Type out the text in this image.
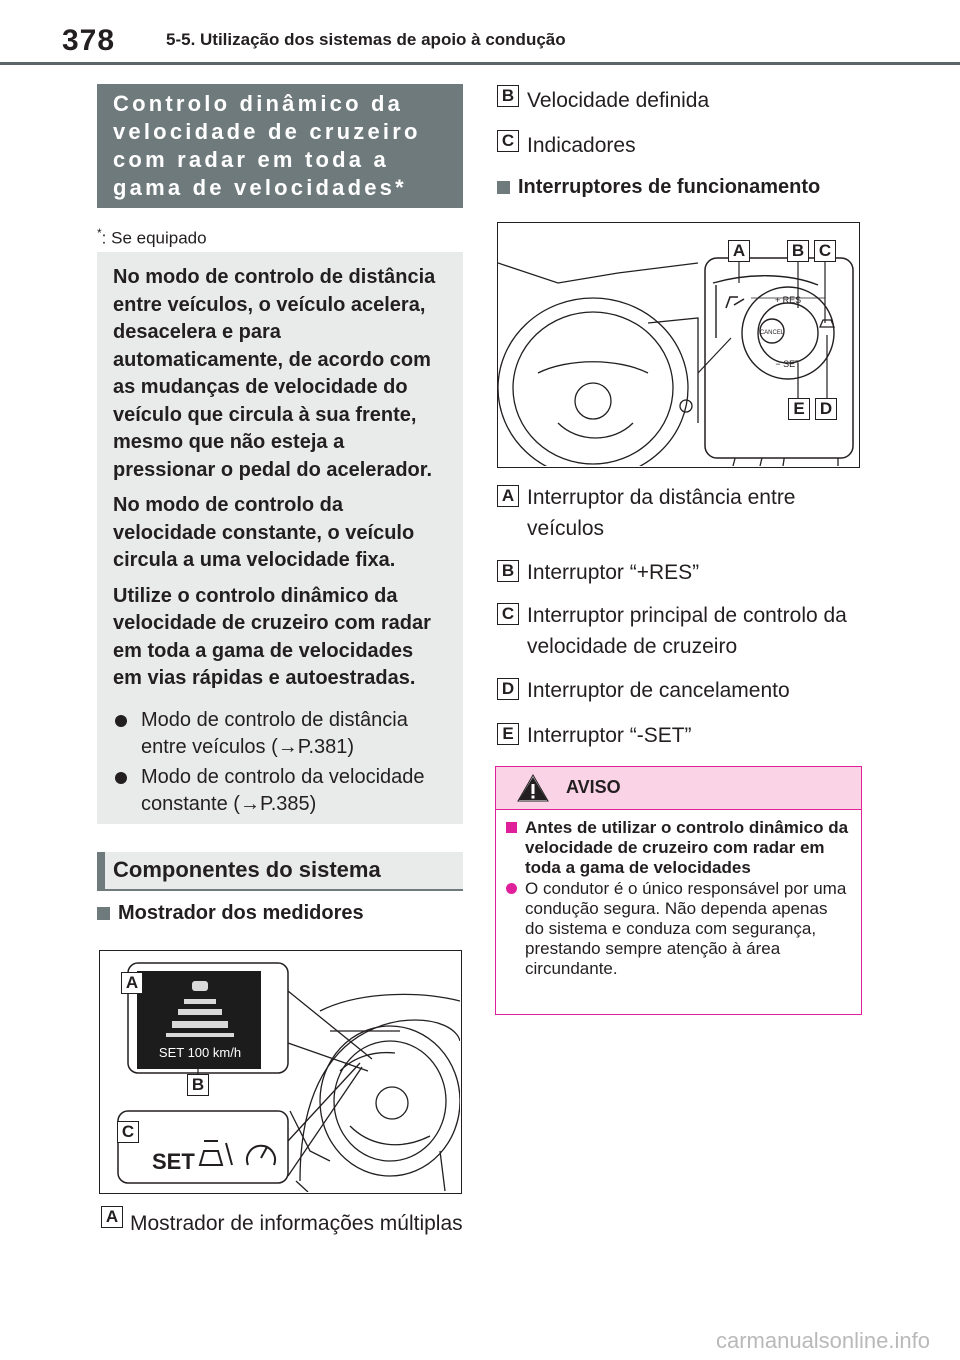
378	5-5. Utilização dos sistemas de apoio à condução
Controlo dinâmico da velocidade de cruzeiro com radar em toda a gama de velocidades*
*: Se equipado

No modo de controlo de distância entre veículos, o veículo acelera, desacelera e para automaticamente, de acordo com as mudanças de velocidade do veículo que circula à sua frente, mesmo que não esteja a pressionar o pedal do acelerador.

No modo de controlo da velocidade constante, o veículo circula a uma velocidade fixa.

Utilize o controlo dinâmico da velocidade de cruzeiro com radar em toda a gama de velocidades em vias rápidas e autoestradas.

Modo de controlo de distância entre veículos (→P.381)
Modo de controlo da velocidade constante (→P.385)
Componentes do sistema
Mostrador dos medidores
SET 100 km/h
SET
A
B
C
A Mostrador de informações múltiplas
B Velocidade definida
C Indicadores
Interruptores de funcionamento
+ RES
CANCEL
− SET
A	B C
D
E
A Interruptor da distância entre veículos
B Interruptor “+RES”
C Interruptor principal de controlo da velocidade de cruzeiro
D Interruptor de cancelamento
E Interruptor “-SET”
AVISO
Antes de utilizar o controlo dinâmico da velocidade de cruzeiro com radar em toda a gama de velocidades
O condutor é o único responsável por uma condução segura. Não dependa apenas do sistema e conduza com segurança, prestando sempre atenção à área circundante.
carmanualsonline.info
